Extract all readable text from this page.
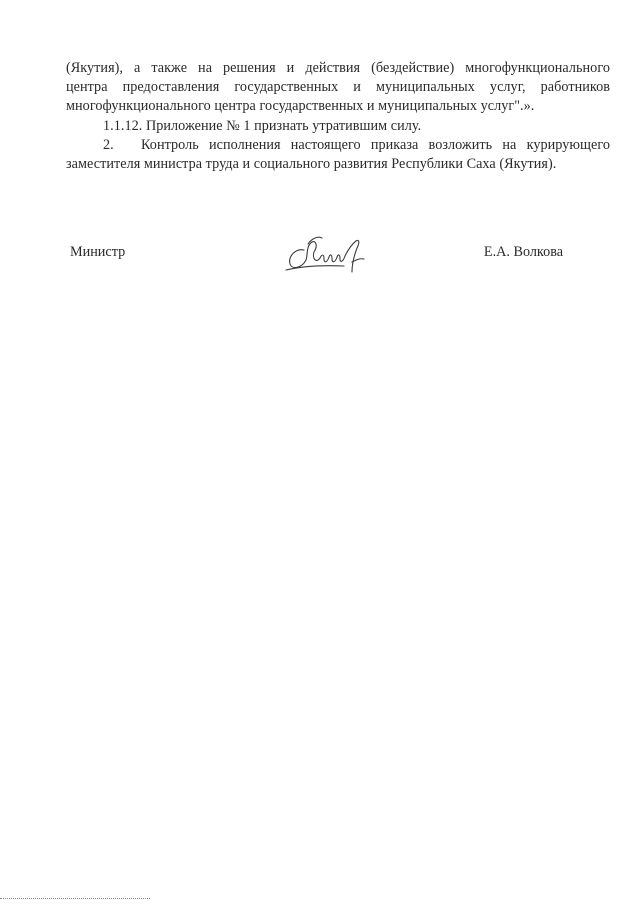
(Якутия), а также на решения и действия (бездействие) многофункционального
центра предоставления государственных и муниципальных услуг, работников
многофункционального центра государственных и муниципальных услуг".».

1.1.12. Приложение № 1 признать утратившим силу.

2. Контроль исполнения настоящего приказа возложить на курирующего
заместителя министра труда и социального развития Республики Саха (Якутия).

Министр	Е.А. Волкова
